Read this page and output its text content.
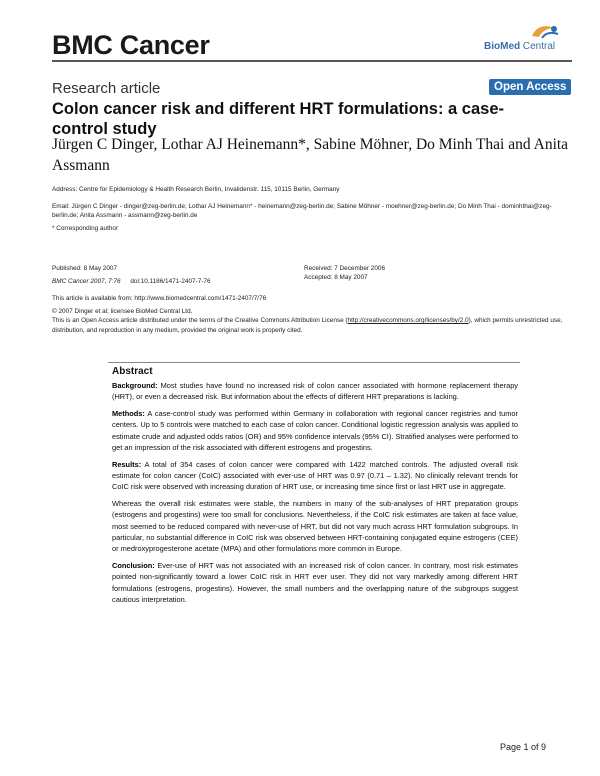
BMC Cancer	BioMed Central
Research article	Open Access
Colon cancer risk and different HRT formulations: a case-control study
Jürgen C Dinger, Lothar AJ Heinemann*, Sabine Möhner, Do Minh Thai and Anita Assmann
Address: Centre for Epidemiology & Health Research Berlin, Invalidenstr. 115, 10115 Berlin, Germany
Email: Jürgen C Dinger - dinger@zeg-berlin.de; Lothar AJ Heinemann* - heinemann@zeg-berlin.de; Sabine Möhner - moehner@zeg-berlin.de; Do Minh Thai - dominhthai@zeg-berlin.de; Anita Assmann - assmann@zeg-berlin.de
* Corresponding author
Published: 8 May 2007
BMC Cancer 2007, 7:76 doi:10.1186/1471-2407-7-76
Received: 7 December 2006
Accepted: 8 May 2007
This article is available from: http://www.biomedcentral.com/1471-2407/7/76
© 2007 Dinger et al; licensee BioMed Central Ltd.
This is an Open Access article distributed under the terms of the Creative Commons Attribution License (http://creativecommons.org/licenses/by/2.0), which permits unrestricted use, distribution, and reproduction in any medium, provided the original work is properly cited.
Abstract

Background: Most studies have found no increased risk of colon cancer associated with hormone replacement therapy (HRT), or even a decreased risk. But information about the effects of different HRT preparations is lacking.

Methods: A case-control study was performed within Germany in collaboration with regional cancer registries and tumor centers. Up to 5 controls were matched to each case of colon cancer. Conditional logistic regression analysis was applied to estimate crude and adjusted odds ratios (OR) and 95% confidence intervals (95% CI). Stratified analyses were performed to get an impression of the risk associated with different estrogens and progestins.

Results: A total of 354 cases of colon cancer were compared with 1422 matched controls. The adjusted overall risk estimate for colon cancer (CoIC) associated with ever-use of HRT was 0.97 (0.71 – 1.32). No clinically relevant trends for CoIC risk were observed with increasing duration of HRT use, or increasing time since first or last HRT use in aggregate.

Whereas the overall risk estimates were stable, the numbers in many of the sub-analyses of HRT preparation groups (estrogens and progestins) were too small for conclusions. Nevertheless, if the CoIC risk estimates are taken at face value, most seemed to be reduced compared with never-use of HRT, but did not vary much across HRT formulation subgroups. In particular, no substantial difference in CoIC risk was observed between HRT-containing conjugated equine estrogens (CEE) or medroxyprogesterone acetate (MPA) and other formulations more common in Europe.

Conclusion: Ever-use of HRT was not associated with an increased risk of colon cancer. In contrary, most risk estimates pointed non-significantly toward a lower CoIC risk in HRT ever user. They did not vary markedly among different HRT formulations (estrogens, progestins). However, the small numbers and the overlapping nature of the subgroups suggest cautious interpretation.

Page 1 of 9
